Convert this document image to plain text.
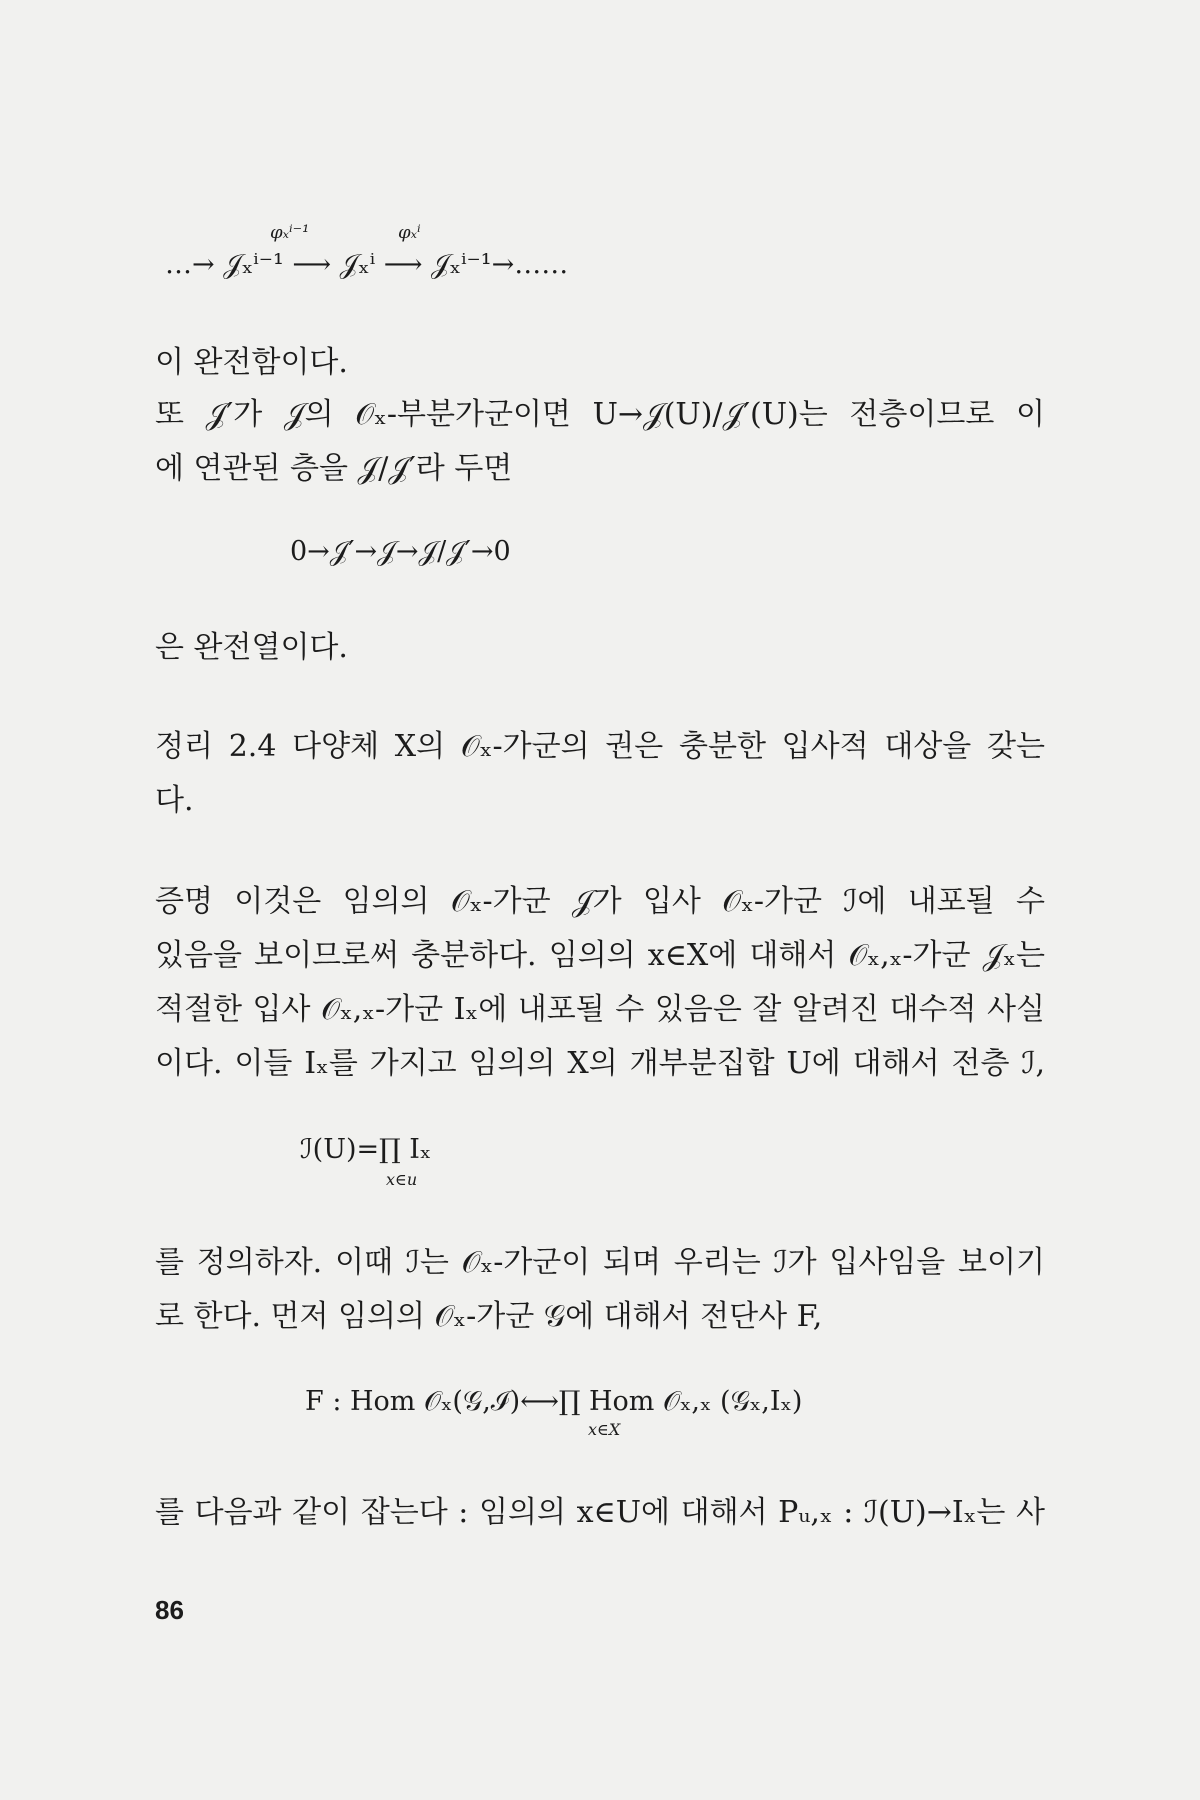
…→ 𝒥ₓⁱ⁻¹ ⟶ 𝒥ₓⁱ ⟶ 𝒥ₓⁱ⁻¹→……
φₓⁱ⁻¹	φₓⁱ
이 완전함이다.
또 𝒥′가 𝒥의 𝒪ₓ-부분가군이면 U→𝒥(U)/𝒥′(U)는 전층이므로 이
에 연관된 층을 𝒥/𝒥′라 두면
0→𝒥′→𝒥→𝒥/𝒥′→0
은 완전열이다.
정리 2.4 다양체 X의 𝒪ₓ-가군의 권은 충분한 입사적 대상을 갖는
다.
증명 이것은 임의의 𝒪ₓ-가군 𝒥가 입사 𝒪ₓ-가군 ℐ에 내포될 수
있음을 보이므로써 충분하다. 임의의 x∈X에 대해서 𝒪ₓ,ₓ-가군 𝒥ₓ는
적절한 입사 𝒪ₓ,ₓ-가군 Iₓ에 내포될 수 있음은 잘 알려진 대수적 사실
이다. 이들 Iₓ를 가지고 임의의 X의 개부분집합 U에 대해서 전층 ℐ,
ℐ(U)=∏ Iₓ
x∈u
를 정의하자. 이때 ℐ는 𝒪ₓ-가군이 되며 우리는 ℐ가 입사임을 보이기
로 한다. 먼저 임의의 𝒪ₓ-가군 𝒢에 대해서 전단사 F,
F : Hom 𝒪ₓ(𝒢,ℐ)⟷∏ Hom 𝒪ₓ,ₓ (𝒢ₓ,Iₓ)
x∈X
를 다음과 같이 잡는다 : 임의의 x∈U에 대해서 Pᵤ,ₓ : ℐ(U)→Iₓ는 사
86
